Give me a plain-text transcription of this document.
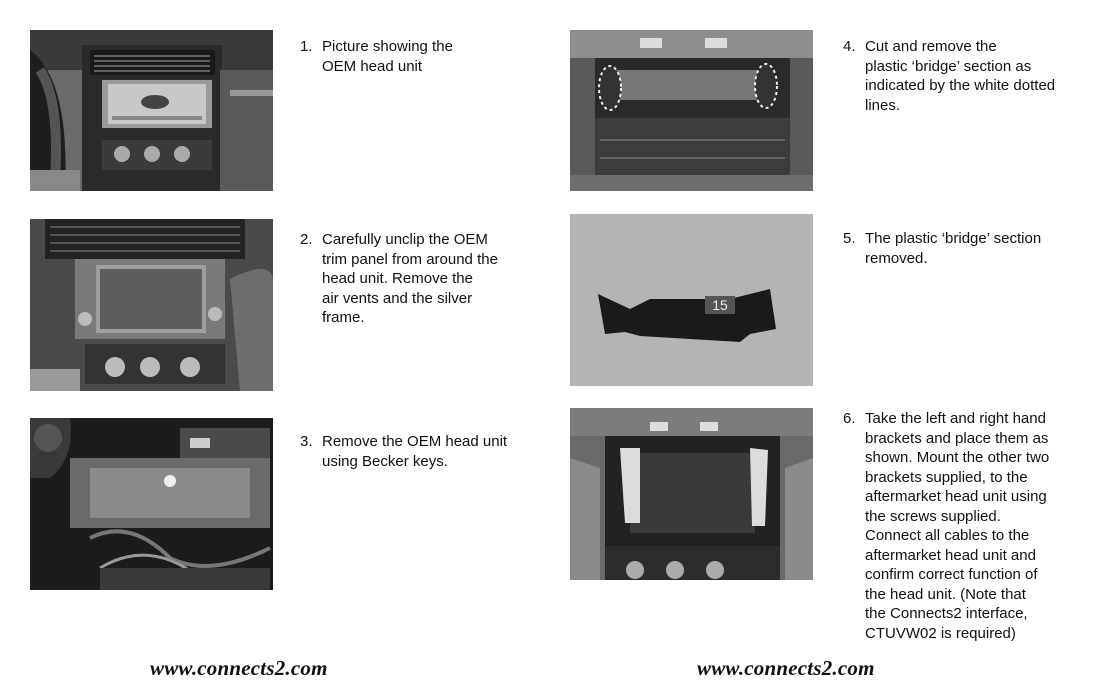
15
1. Picture showing the
OEM head unit
2. Carefully unclip the OEM
trim panel from around the
head unit. Remove the
air vents and the silver
frame.
3. Remove the OEM head unit
using Becker keys.
4. Cut and remove the
plastic ‘bridge’ section as
indicated by the white dotted
lines.
5. The plastic ‘bridge’ section
removed.
6. Take the left and right hand
brackets and place them as
shown. Mount the other two
brackets supplied, to the
aftermarket head unit using
the screws supplied.
Connect all cables to the
aftermarket head unit and
confirm correct function of
the head unit. (Note that
the Connects2 interface,
CTUVW02 is required)
www.connects2.com	www.connects2.com
